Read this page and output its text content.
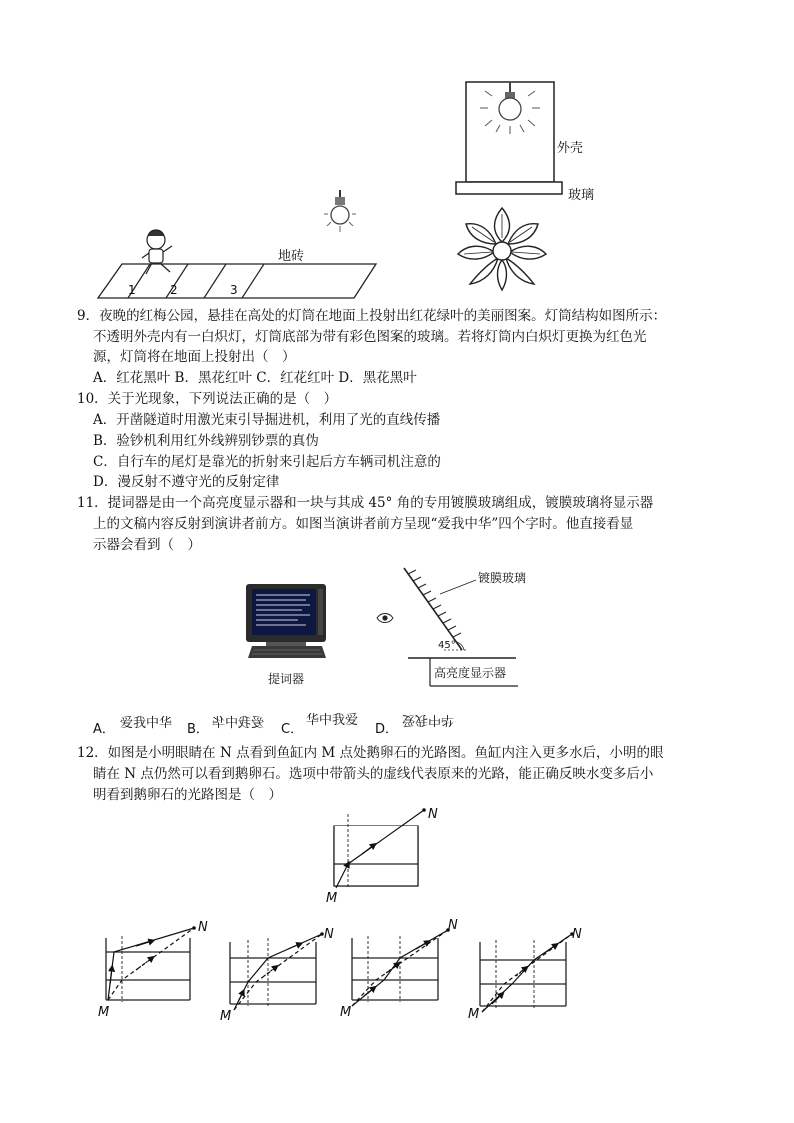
外壳
玻璃
1	2	3
地砖
9．夜晚的红梅公园，悬挂在高处的灯筒在地面上投射出红花绿叶的美丽图案。灯筒结构如图所示：
不透明外壳内有一白炽灯，灯筒底部为带有彩色图案的玻璃。若将灯筒内白炽灯更换为红色光
源，灯筒将在地面上投射出（　）
A．红花黑叶 B．黑花红叶 C．红花红叶 D．黑花黑叶
10．关于光现象，下列说法正确的是（　）
A．开凿隧道时用激光束引导掘进机，利用了光的直线传播
B．验钞机利用红外线辨别钞票的真伪
C．自行车的尾灯是靠光的折射来引起后方车辆司机注意的
D．漫反射不遵守光的反射定律
11．提词器是由一个高亮度显示器和一块与其成 45° 角的专用镀膜玻璃组成，镀膜玻璃将显示器
上的文稿内容反射到演讲者前方。如图当演讲者前方呈现“爱我中华”四个字时。他直接看显
示器会看到（　）
提词器
镀膜玻璃
45°
高亮度显示器
A． 爱我中华 B． 爱我中华 C．
华中我爱
D．
华中我爱
12．如图是小明眼睛在 N 点看到鱼缸内 M 点处鹅卵石的光路图。鱼缸内注入更多水后，小明的眼
睛在 N 点仍然可以看到鹅卵石。选项中带箭头的虚线代表原来的光路，能正确反映水变多后小
明看到鹅卵石的光路图是（　）
N
M
N
M
N
M
N
M
N
M
